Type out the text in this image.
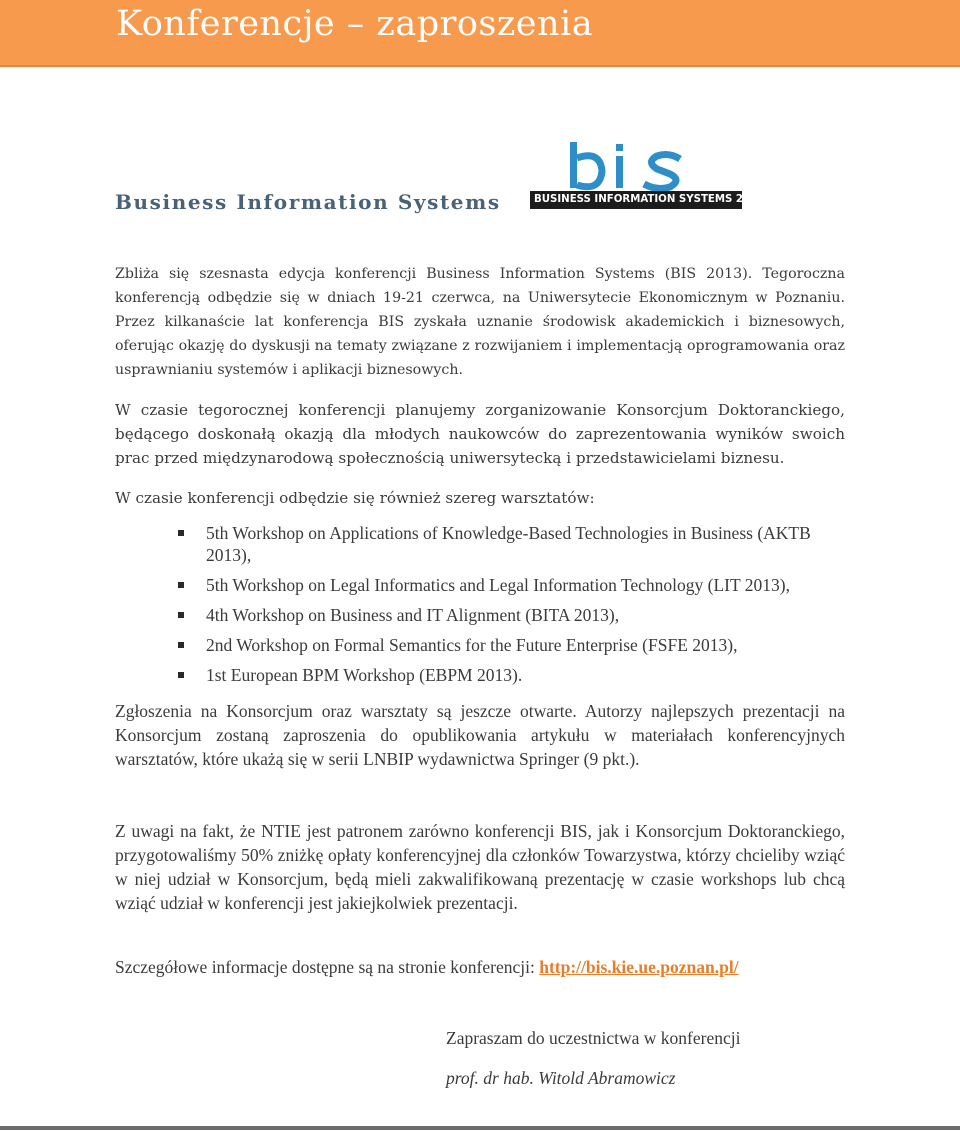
Konferencje – zaproszenia
Business Information Systems	BUSINESS INFORMATION SYSTEMS 2013

Zbliża się szesnasta edycja konferencji Business Information Systems (BIS 2013). Tegoroczna konferencją odbędzie się w dniach 19-21 czerwca, na Uniwersytecie Ekonomicznym w Poznaniu. Przez kilkanaście lat konferencja BIS zyskała uznanie środowisk akademickich i biznesowych, oferując okazję do dyskusji na tematy związane z rozwijaniem i implementacją oprogramowania oraz usprawnianiu systemów i aplikacji biznesowych.

W czasie tegorocznej konferencji planujemy zorganizowanie Konsorcjum Doktoranckiego, będącego doskonałą okazją dla młodych naukowców do zaprezentowania wyników swoich prac przed międzynarodową społecznością uniwersytecką i przedstawicielami biznesu.

W czasie konferencji odbędzie się również szereg warsztatów:

5th Workshop on Applications of Knowledge-Based Technologies in Business (AKTB 2013),
5th Workshop on Legal Informatics and Legal Information Technology (LIT 2013),
4th Workshop on Business and IT Alignment (BITA 2013),
2nd Workshop on Formal Semantics for the Future Enterprise (FSFE 2013),
1st European BPM Workshop (EBPM 2013).

Zgłoszenia na Konsorcjum oraz warsztaty są jeszcze otwarte. Autorzy najlepszych prezentacji na Konsorcjum zostaną zaproszenia do opublikowania artykułu w materiałach konferencyjnych warsztatów, które ukażą się w serii LNBIP wydawnictwa Springer (9 pkt.).

Z uwagi na fakt, że NTIE jest patronem zarówno konferencji BIS, jak i Konsorcjum Doktoranckiego, przygotowaliśmy 50% zniżkę opłaty konferencyjnej dla członków Towarzystwa, którzy chcieliby wziąć w niej udział w Konsorcjum, będą mieli zakwalifikowaną prezentację w czasie workshops lub chcą wziąć udział w konferencji jest jakiejkolwiek prezentacji.

Szczegółowe informacje dostępne są na stronie konferencji: http://bis.kie.ue.poznan.pl/

Zapraszam do uczestnictwa w konferencji
prof. dr hab. Witold Abramowicz
